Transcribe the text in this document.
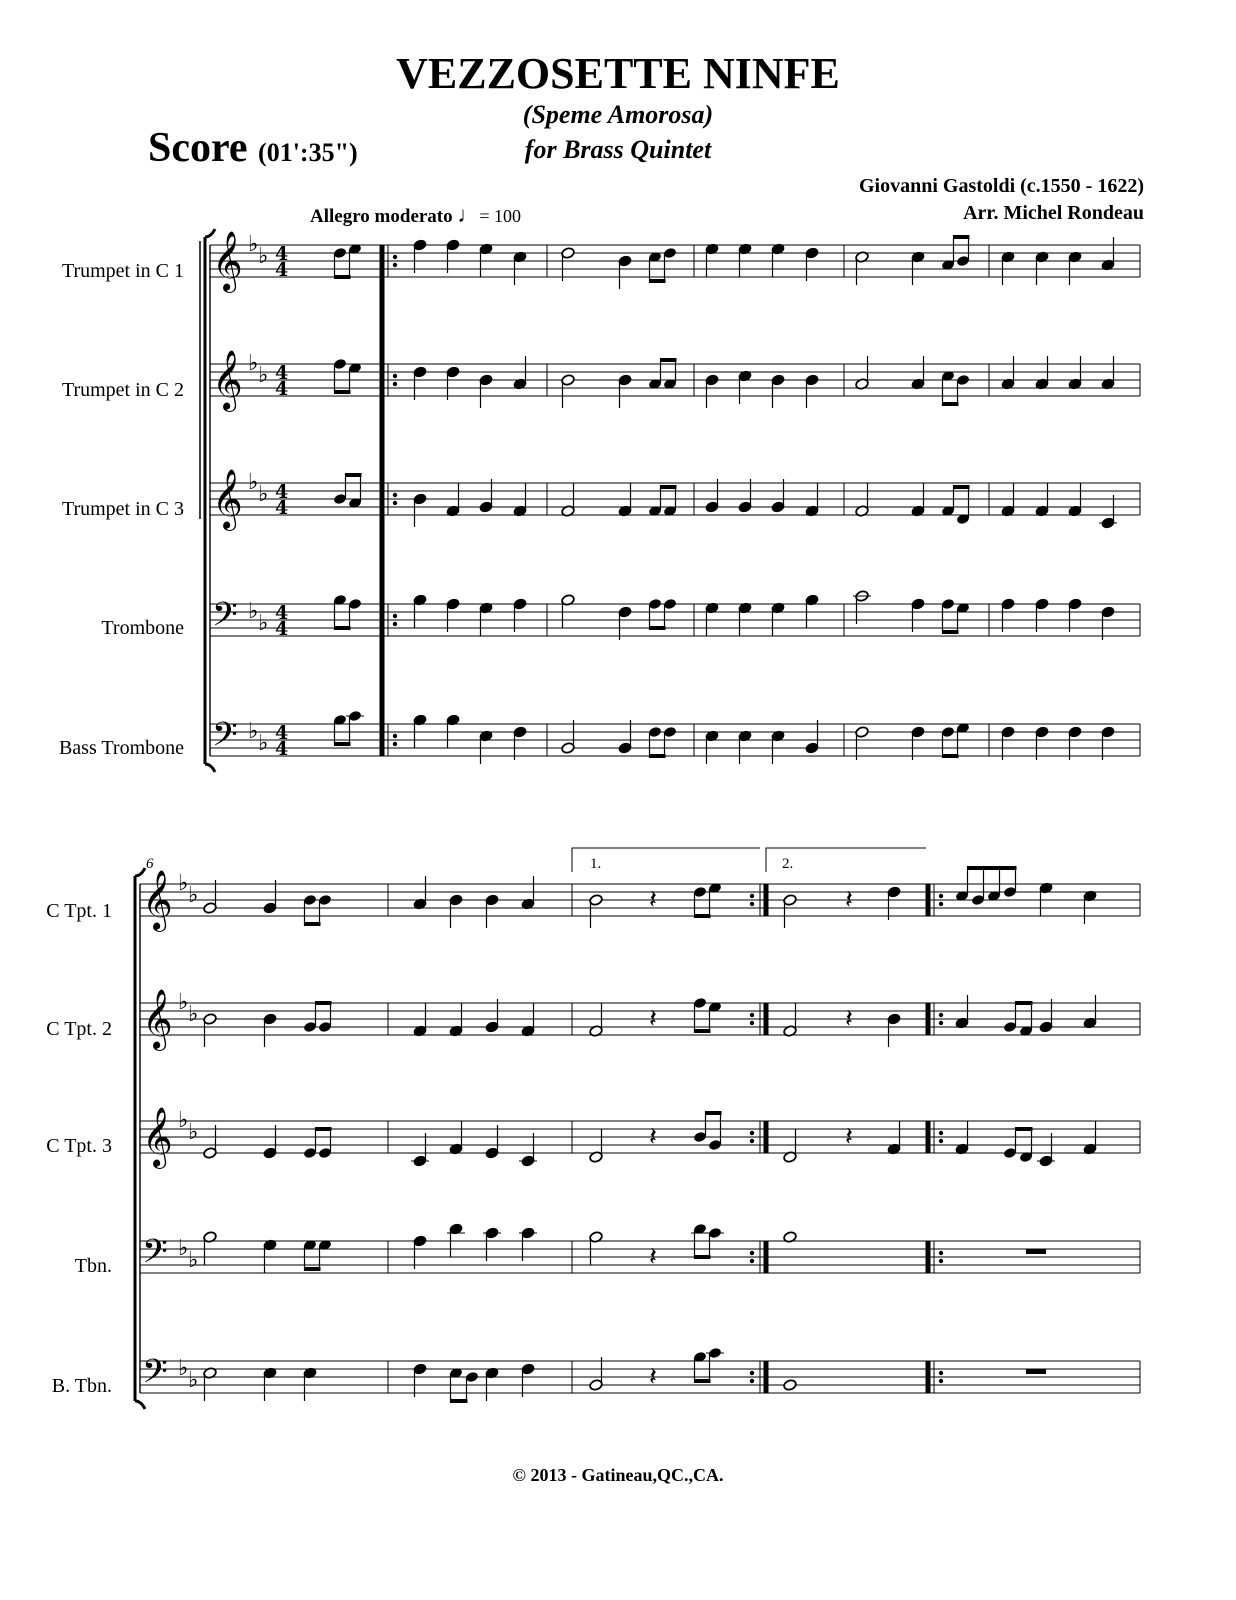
VEZZOSETTE NINFE
(Speme Amorosa)
for Brass Quintet
Score (01':35")
Giovanni Gastoldi (c.1550 - 1622)
Arr. Michel Rondeau
Allegro moderato ♩= 100
Trumpet in C 1
Trumpet in C 2
Trumpet in C 3
Trombone
Bass Trombone
C Tpt. 1
C Tpt. 2
C Tpt. 3
Tbn.
B. Tbn.
6
© 2013 - Gatineau,QC.,CA.
𝄞 ♭ ♭ 4
4
𝄞 ♭ ♭ 4
4
𝄞 ♭ ♭ 4
4
𝄢 ♭ ♭ 4
4
𝄢 ♭ ♭ 4
4
𝄞 ♭ ♭
𝄞 ♭ ♭
𝄞 ♭ ♭
𝄢 ♭ ♭
𝄢 ♭ ♭
1.	2.
𝄽	𝄽
𝄽	𝄽
𝄽	𝄽
𝄽
𝄽
